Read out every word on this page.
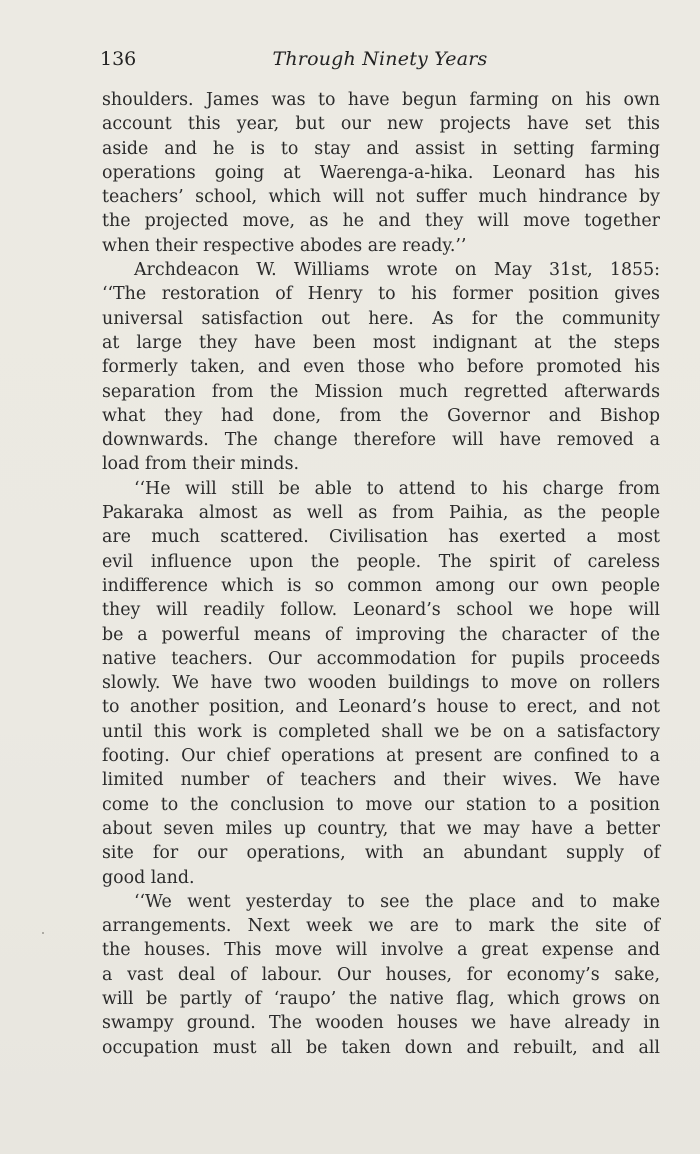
136	Through Ninety Years
shoulders. James was to have begun farming on his own
account this year, but our new projects have set this
aside and he is to stay and assist in setting farming
operations going at Waerenga-a-hika. Leonard has his
teachers’ school, which will not suffer much hindrance by
the projected move, as he and they will move together
when their respective abodes are ready.’’
Archdeacon W. Williams wrote on May 31st, 1855:
‘‘The restoration of Henry to his former position gives
universal satisfaction out here. As for the community
at large they have been most indignant at the steps
formerly taken, and even those who before promoted his
separation from the Mission much regretted afterwards
what they had done, from the Governor and Bishop
downwards. The change therefore will have removed a
load from their minds.
‘‘He will still be able to attend to his charge from
Pakaraka almost as well as from Paihia, as the people
are much scattered. Civilisation has exerted a most
evil influence upon the people. The spirit of careless
indifference which is so common among our own people
they will readily follow. Leonard’s school we hope will
be a powerful means of improving the character of the
native teachers. Our accommodation for pupils proceeds
slowly. We have two wooden buildings to move on rollers
to another position, and Leonard’s house to erect, and not
until this work is completed shall we be on a satisfactory
footing. Our chief operations at present are confined to a
limited number of teachers and their wives. We have
come to the conclusion to move our station to a position
about seven miles up country, that we may have a better
site for our operations, with an abundant supply of
good land.
‘‘We went yesterday to see the place and to make
arrangements. Next week we are to mark the site of
the houses. This move will involve a great expense and
a vast deal of labour. Our houses, for economy’s sake,
will be partly of ‘raupo’ the native flag, which grows on
swampy ground. The wooden houses we have already in
occupation must all be taken down and rebuilt, and all
